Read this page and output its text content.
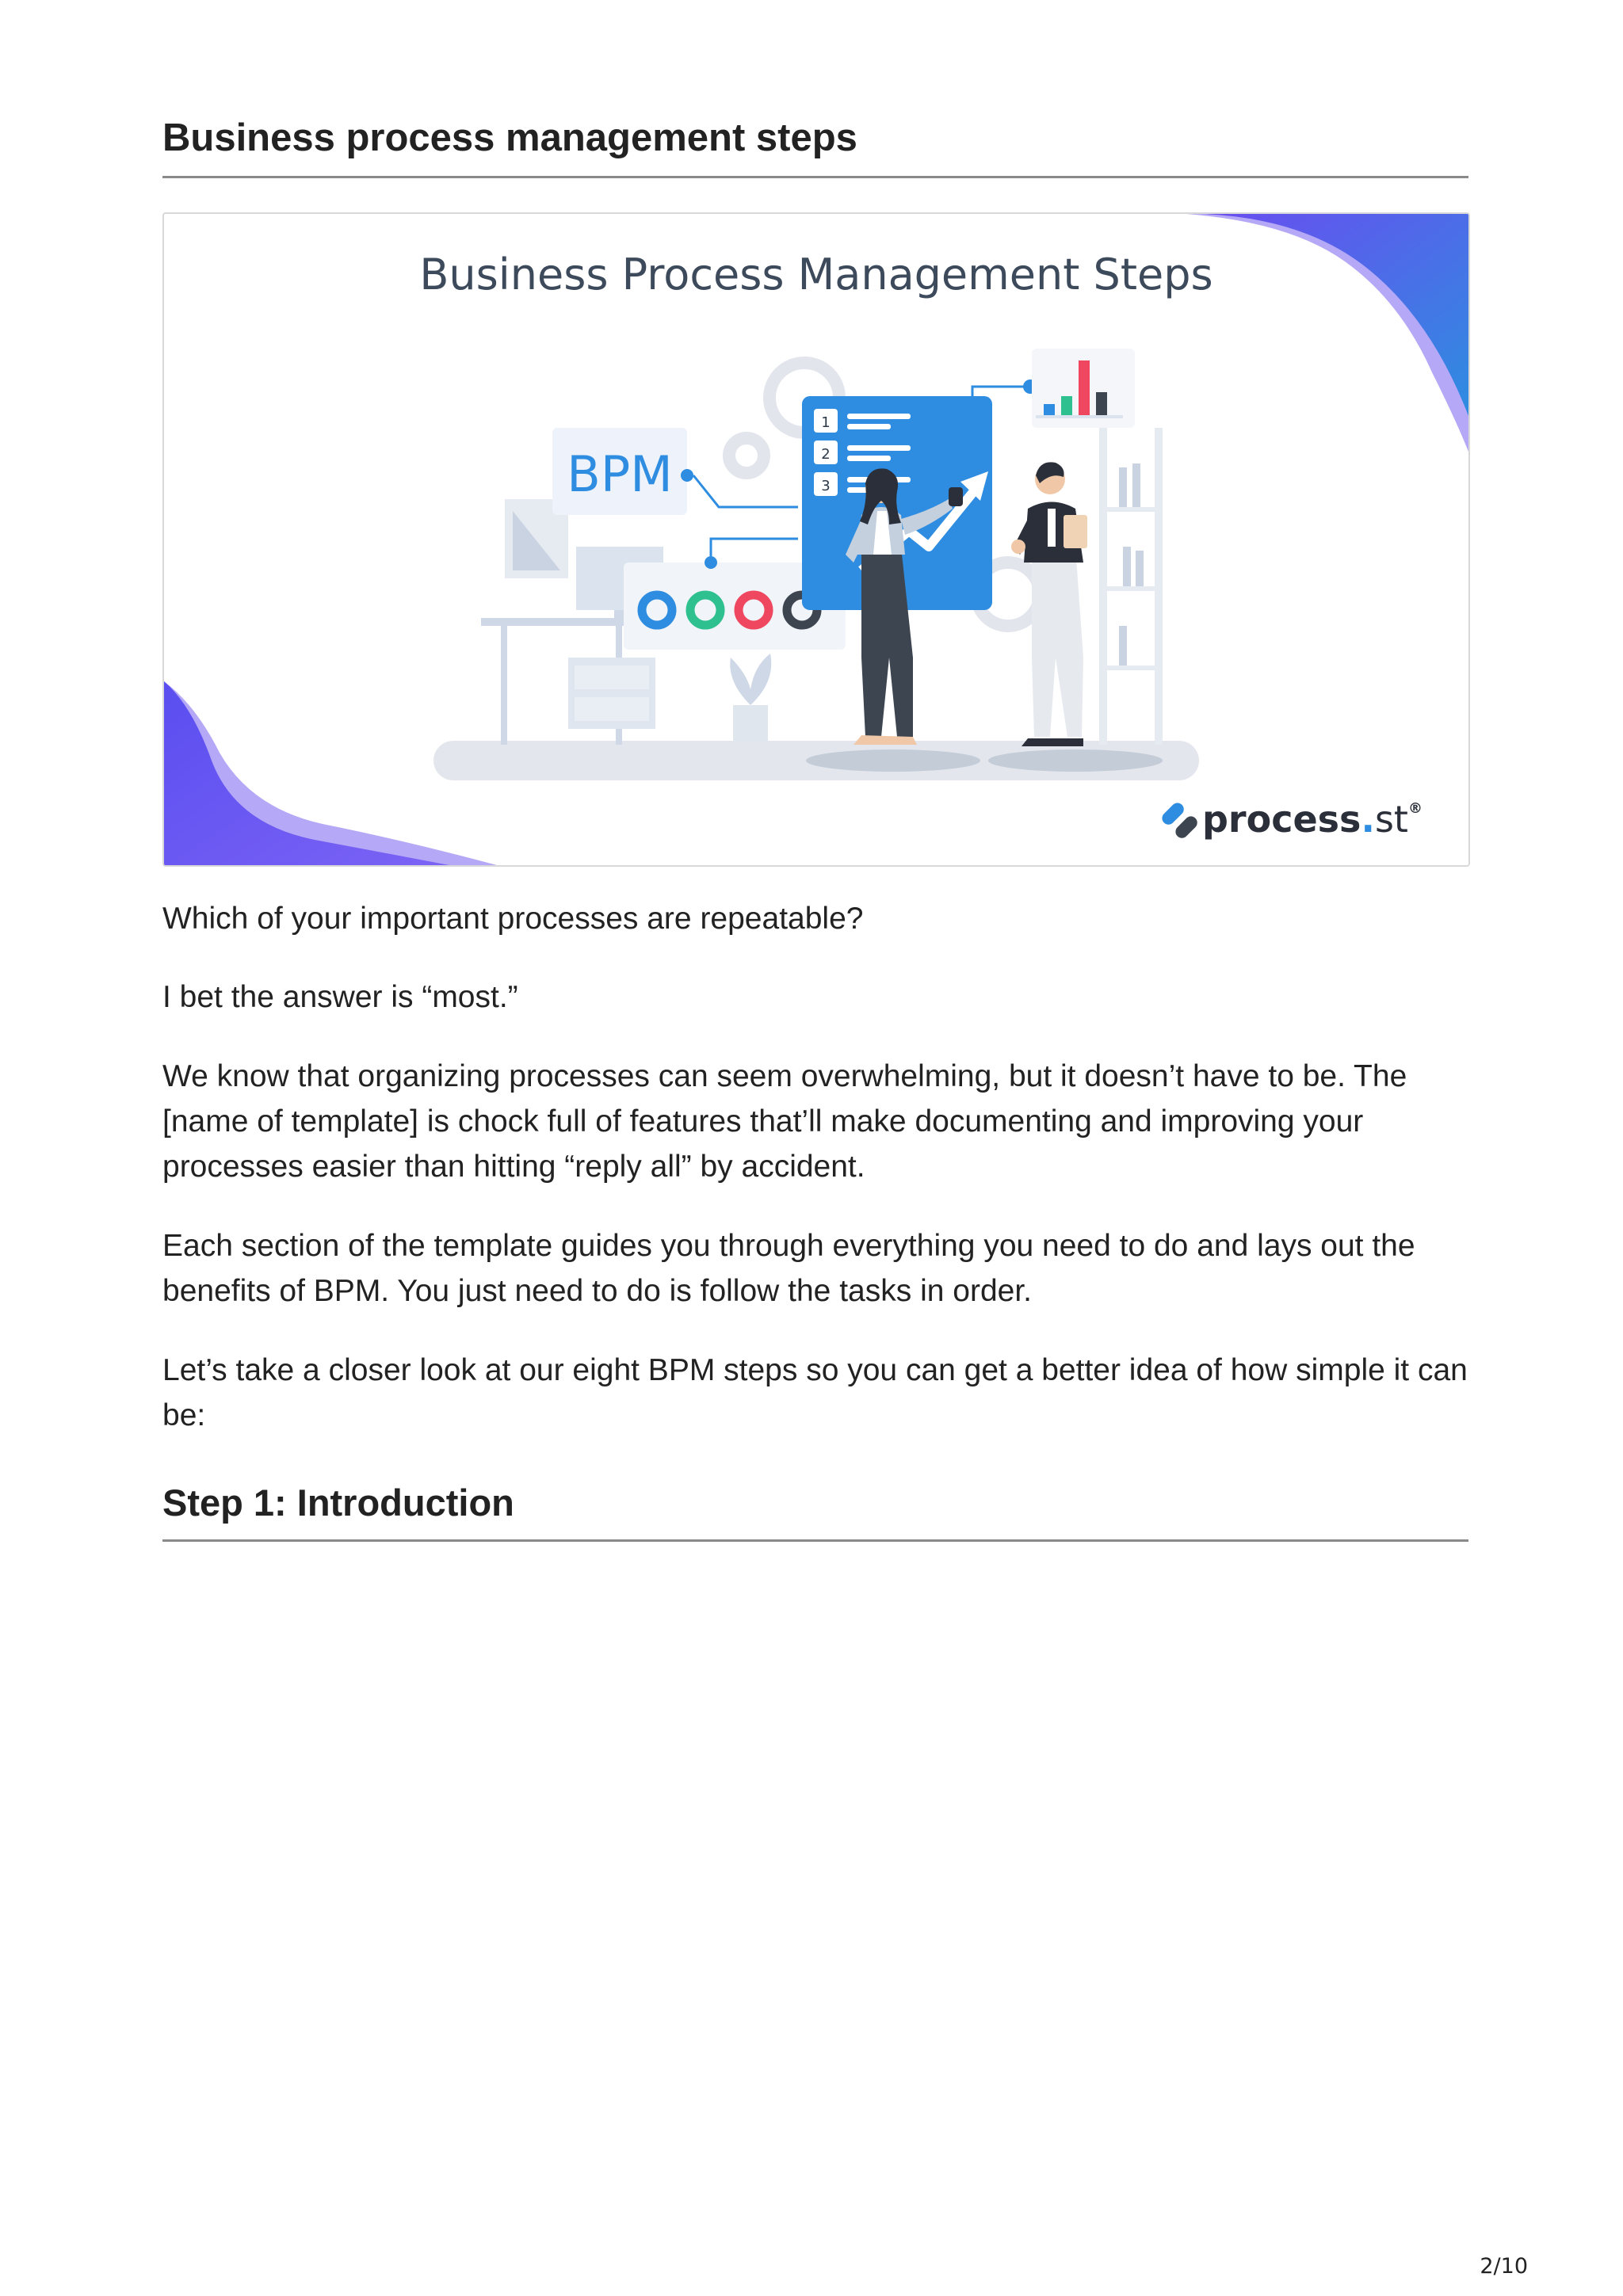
Business process management steps
Business Process Management Steps
BPM
1
2
3
process.st®

Which of your important processes are repeatable?

I bet the answer is “most.”

We know that organizing processes can seem overwhelming, but it doesn’t have to be. The [name of template] is chock full of features that’ll make documenting and improving your processes easier than hitting “reply all” by accident.

Each section of the template guides you through everything you need to do and lays out the benefits of BPM. You just need to do is follow the tasks in order.

Let’s take a closer look at our eight BPM steps so you can get a better idea of how simple it can be:

Step 1: Introduction
2/10
